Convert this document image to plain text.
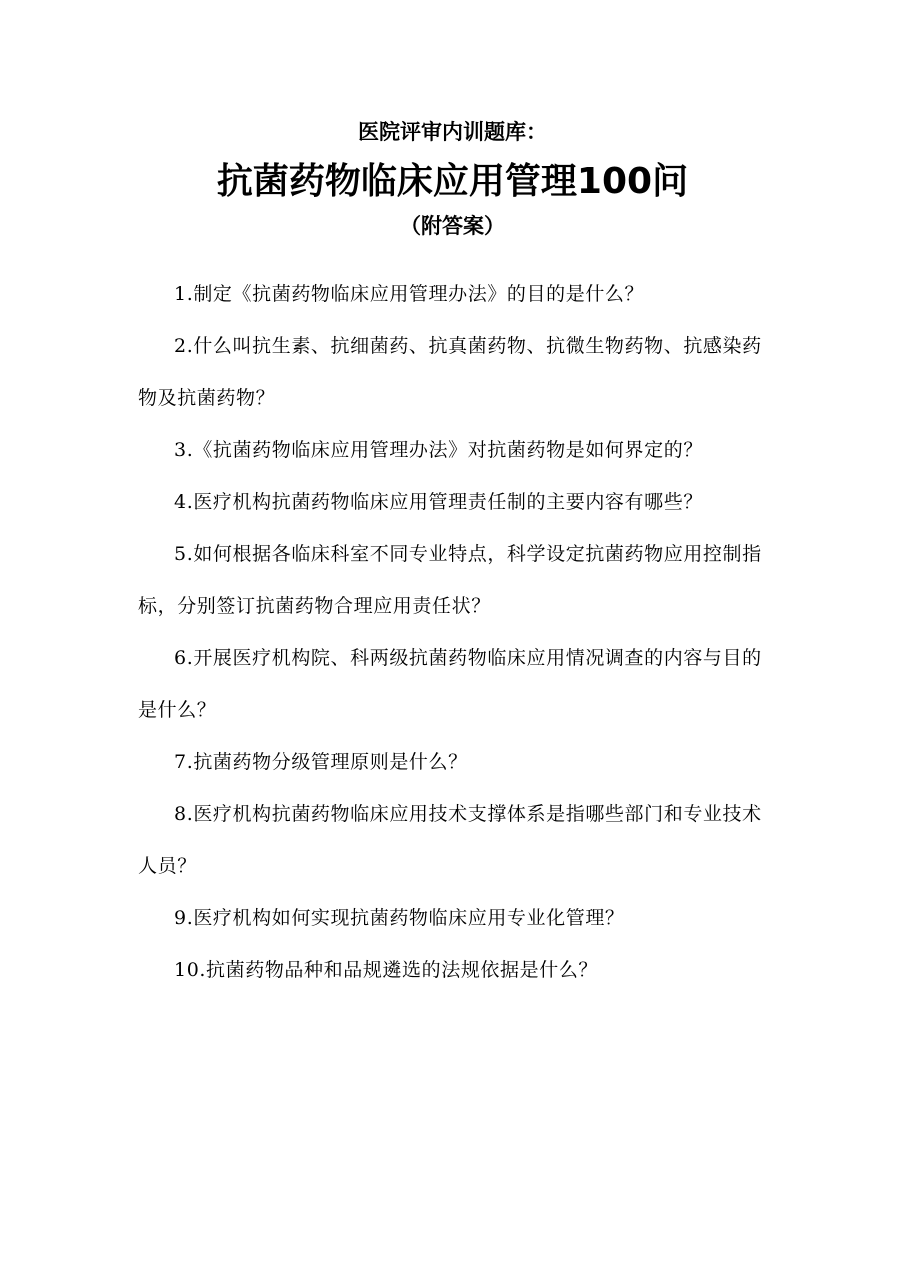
医院评审内训题库：
抗菌药物临床应用管理100问
（附答案）
1.制定《抗菌药物临床应用管理办法》的目的是什么？
2.什么叫抗生素、抗细菌药、抗真菌药物、抗微生物药物、抗感染药物及抗菌药物？
3.《抗菌药物临床应用管理办法》对抗菌药物是如何界定的？
4.医疗机构抗菌药物临床应用管理责任制的主要内容有哪些？
5.如何根据各临床科室不同专业特点，科学设定抗菌药物应用控制指标，分别签订抗菌药物合理应用责任状？
6.开展医疗机构院、科两级抗菌药物临床应用情况调查的内容与目的是什么？
7.抗菌药物分级管理原则是什么？
8.医疗机构抗菌药物临床应用技术支撑体系是指哪些部门和专业技术人员？
9.医疗机构如何实现抗菌药物临床应用专业化管理？
10.抗菌药物品种和品规遴选的法规依据是什么？
